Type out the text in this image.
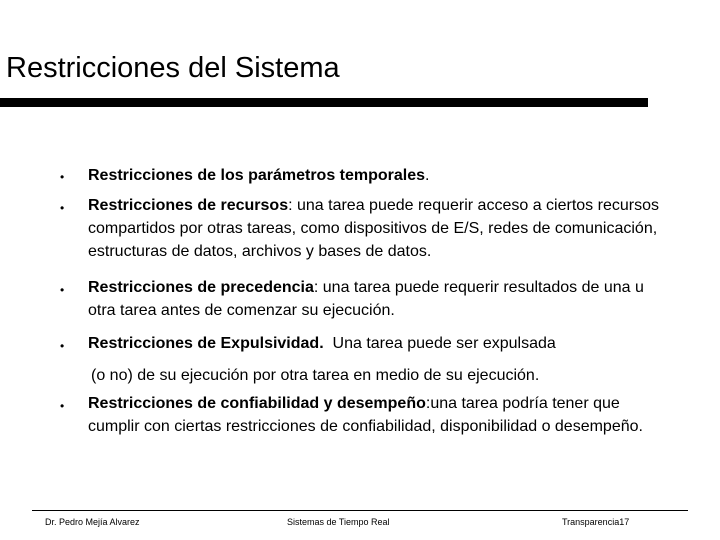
Restricciones del Sistema
• Restricciones de los parámetros temporales.
• Restricciones de recursos: una tarea puede requerir acceso a ciertos recursos compartidos por otras tareas, como dispositivos de E/S, redes de comunicación, estructuras de datos, archivos y bases de datos.
• Restricciones de precedencia: una tarea puede requerir resultados de una u otra tarea antes de comenzar su ejecución.
• Restricciones de Expulsividad.  Una tarea puede ser expulsada
(o no) de su ejecución por otra tarea en medio de su ejecución.
• Restricciones de confiabilidad y desempeño:una tarea podría tener que cumplir con ciertas restricciones de confiabilidad, disponibilidad o desempeño.
Dr. Pedro Mejía Alvarez	Sistemas de Tiempo Real	Transparencia17
